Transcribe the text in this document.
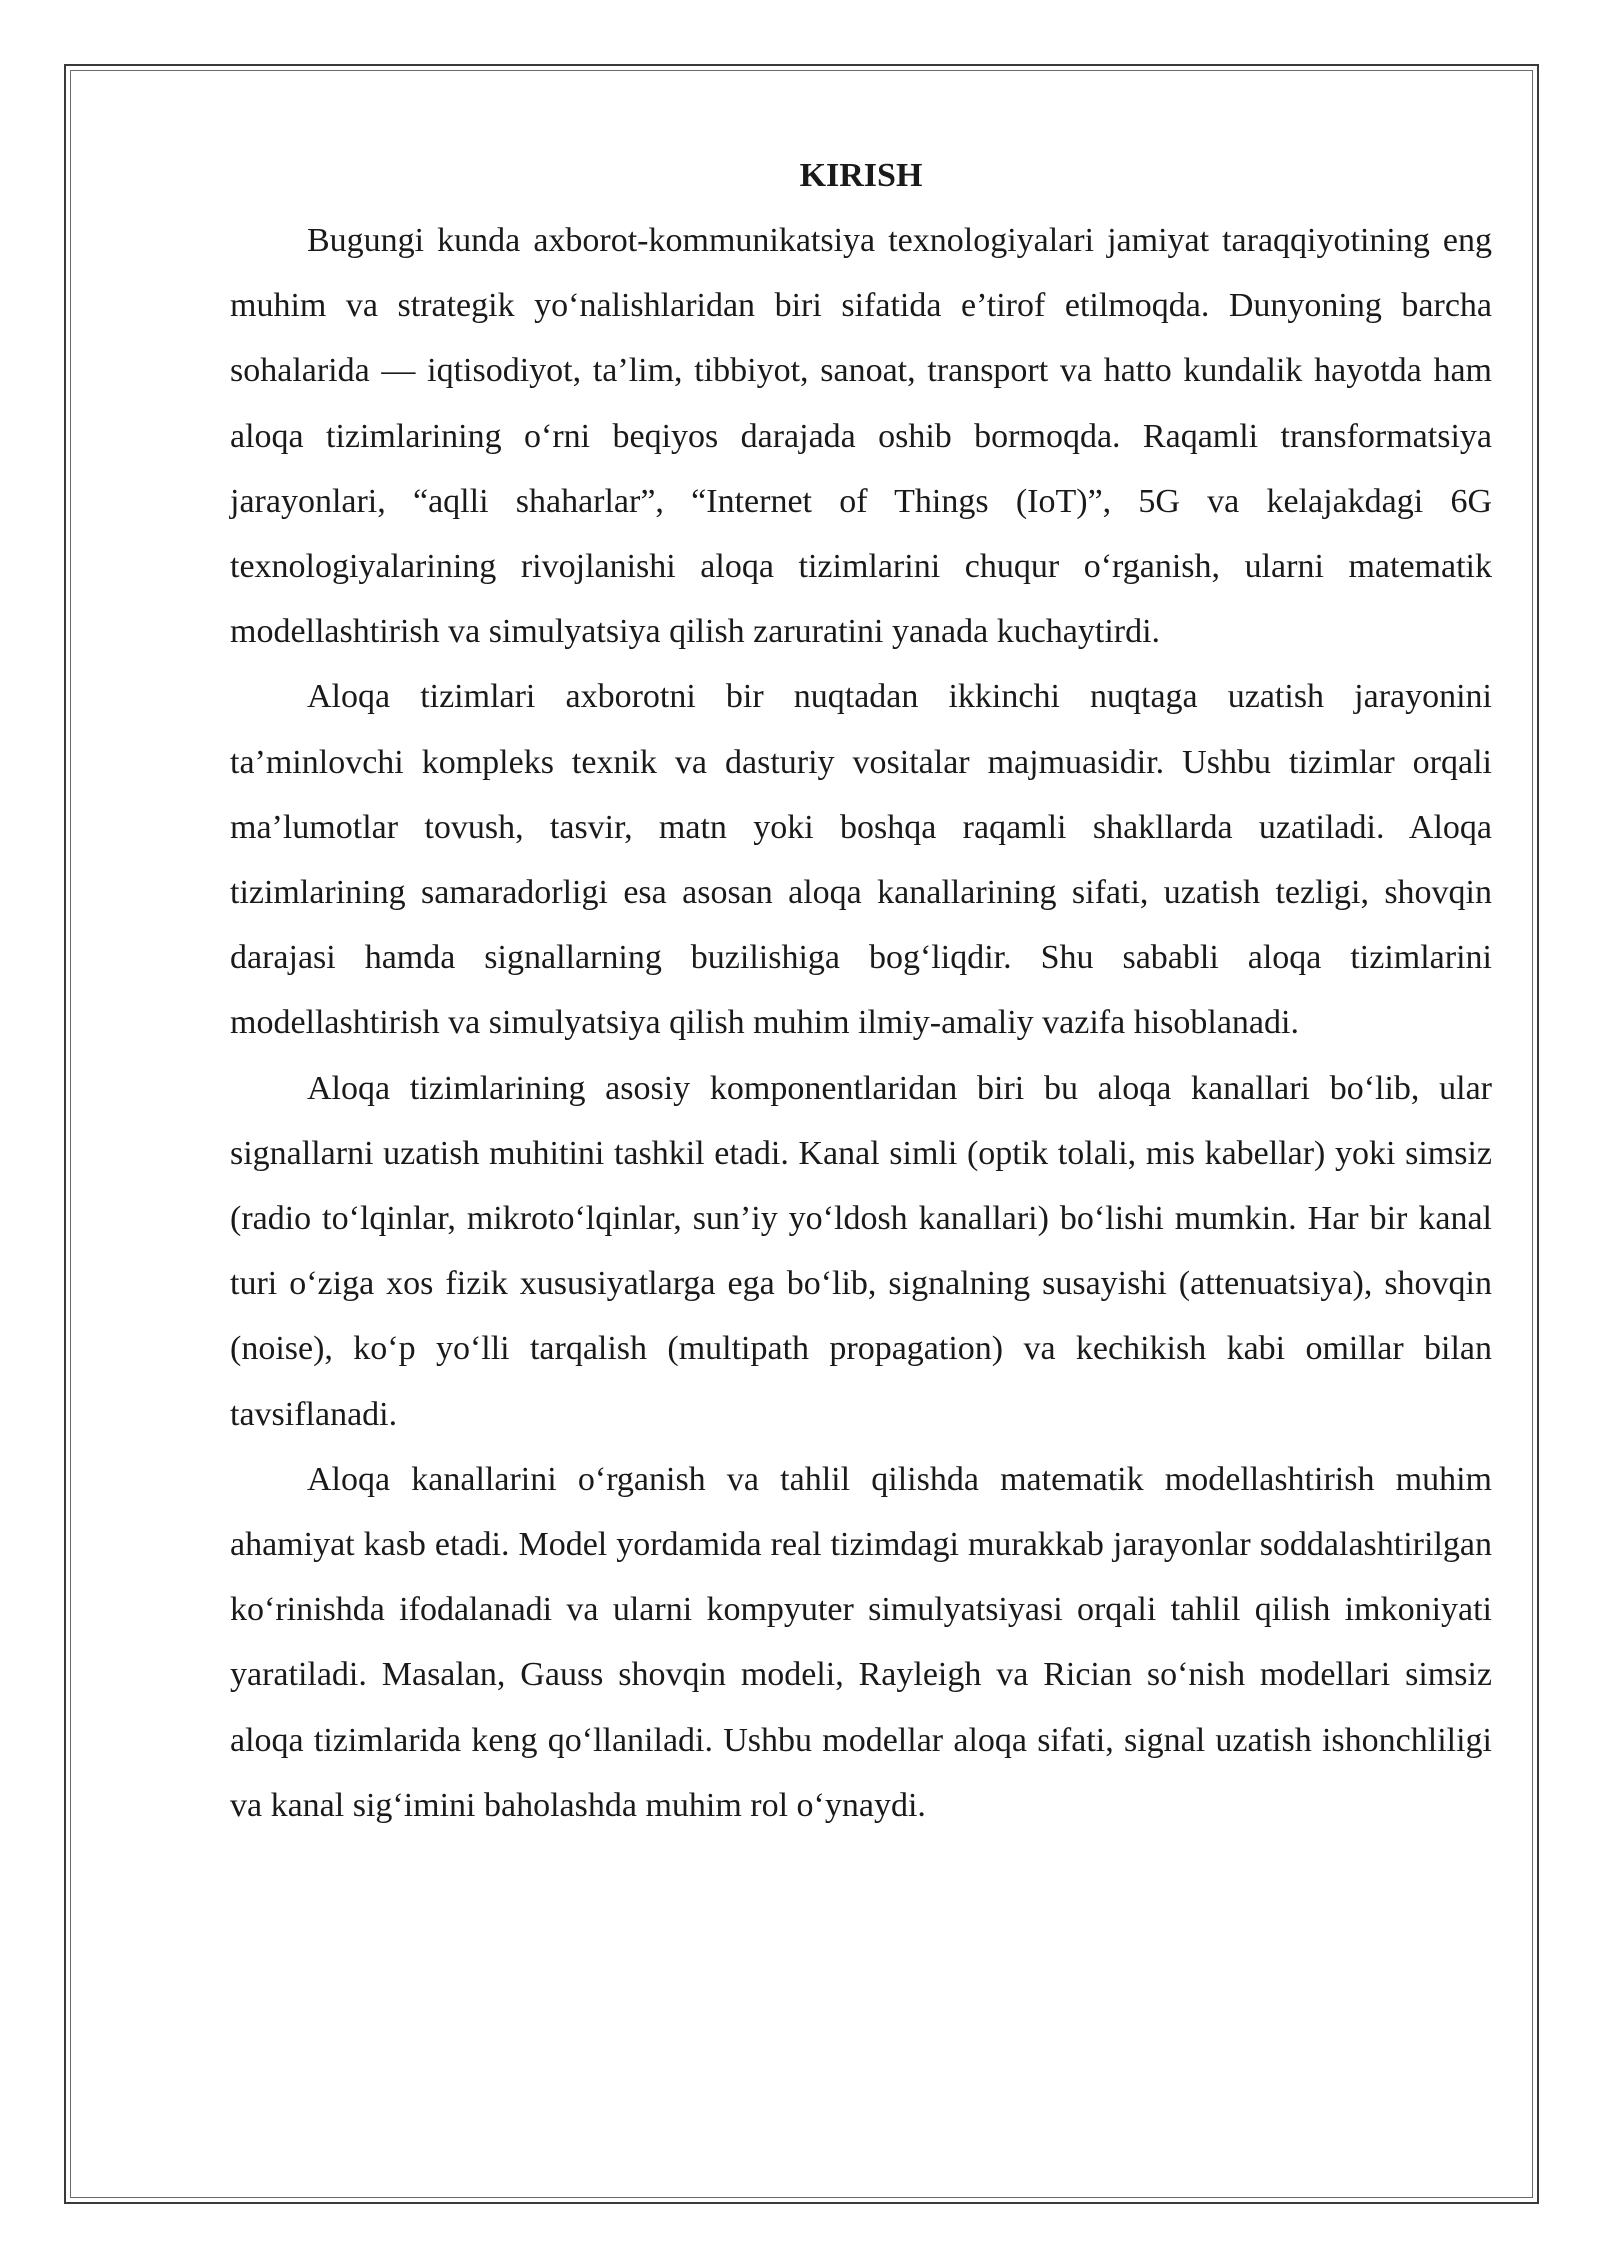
KIRISH

Bugungi kunda axborot-kommunikatsiya texnologiyalari jamiyat taraqqiyotining eng muhim va strategik yo‘nalishlaridan biri sifatida e’tirof etilmoqda. Dunyoning barcha sohalarida — iqtisodiyot, ta’lim, tibbiyot, sanoat, transport va hatto kundalik hayotda ham aloqa tizimlarining o‘rni beqiyos darajada oshib bormoqda. Raqamli transformatsiya jarayonlari, “aqlli shaharlar”, “Internet of Things (IoT)”, 5G va kelajakdagi 6G texnologiyalarining rivojlanishi aloqa tizimlarini chuqur o‘rganish, ularni matematik modellashtirish va simulyatsiya qilish zaruratini yanada kuchaytirdi.

Aloqa tizimlari axborotni bir nuqtadan ikkinchi nuqtaga uzatish jarayonini ta’minlovchi kompleks texnik va dasturiy vositalar majmuasidir. Ushbu tizimlar orqali ma’lumotlar tovush, tasvir, matn yoki boshqa raqamli shakllarda uzatiladi. Aloqa tizimlarining samaradorligi esa asosan aloqa kanallarining sifati, uzatish tezligi, shovqin darajasi hamda signallarning buzilishiga bog‘liqdir. Shu sababli aloqa tizimlarini modellashtirish va simulyatsiya qilish muhim ilmiy-amaliy vazifa hisoblanadi.

Aloqa tizimlarining asosiy komponentlaridan biri bu aloqa kanallari bo‘lib, ular signallarni uzatish muhitini tashkil etadi. Kanal simli (optik tolali, mis kabellar) yoki simsiz (radio to‘lqinlar, mikroto‘lqinlar, sun’iy yo‘ldosh kanallari) bo‘lishi mumkin. Har bir kanal turi o‘ziga xos fizik xususiyatlarga ega bo‘lib, signalning susayishi (attenuatsiya), shovqin (noise), ko‘p yo‘lli tarqalish (multipath propagation) va kechikish kabi omillar bilan tavsiflanadi.

Aloqa kanallarini o‘rganish va tahlil qilishda matematik modellashtirish muhim ahamiyat kasb etadi. Model yordamida real tizimdagi murakkab jarayonlar soddalashtirilgan ko‘rinishda ifodalanadi va ularni kompyuter simulyatsiyasi orqali tahlil qilish imkoniyati yaratiladi. Masalan, Gauss shovqin modeli, Rayleigh va Rician so‘nish modellari simsiz aloqa tizimlarida keng qo‘llaniladi. Ushbu modellar aloqa sifati, signal uzatish ishonchliligi va kanal sig‘imini baholashda muhim rol o‘ynaydi.
